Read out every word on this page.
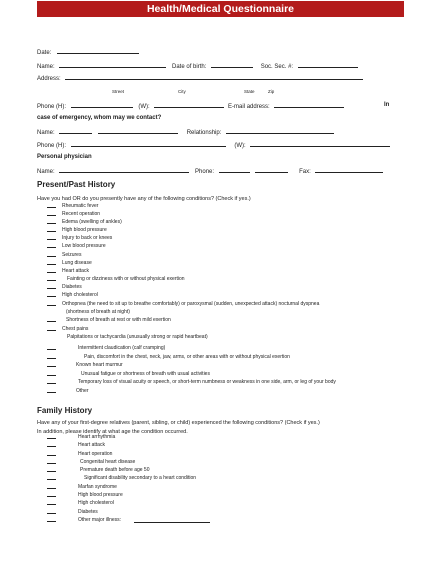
Health/Medical Questionnaire
Date:
Name:	Date of birth:	Soc. Sec. #:
Address:
Street	City	State	Zip
Phone (H):	(W):	E-mail address:	In
case of emergency, whom may we contact?
Name:	Relationship:
Phone (H):	(W):
Personal physician
Name:	Phone:	Fax:
Present/Past History
Have you had OR do you presently have any of the following conditions? (Check if yes.)
Rheumatic fever
Recent operation
Edema (swelling of ankles)
High blood pressure
Injury to back or knees
Low blood pressure
Seizures
Lung disease
Heart attack
Fainting or dizziness with or without physical exertion
Diabetes
High cholesterol
Orthopnea (the need to sit up to breathe comfortably) or paroxysmal (sudden, unexpected attack) nocturnal dyspnea
(shortness of breath at night)
Shortness of breath at rest or with mild exertion
Chest pains
Palpitations or tachycardia (unusually strong or rapid heartbeat)
Intermittent claudication (calf cramping)
Pain, discomfort in the chest, neck, jaw, arms, or other areas with or without physical exertion
Known heart murmur
Unusual fatigue or shortness of breath with usual activities
Temporary loss of visual acuity or speech, or short-term numbness or weakness in one side, arm, or leg of your body
Other
Family History
Have any of your first-degree relatives (parent, sibling, or child) experienced the following conditions? (Check if yes.)
In addition, please identify at what age the condition occurred.
Heart arrhythmia
Heart attack
Heart operation
Congenital heart disease
Premature death before age 50
Significant disability secondary to a heart condition
Marfan syndrome
High blood pressure
High cholesterol
Diabetes
Other major illness:
